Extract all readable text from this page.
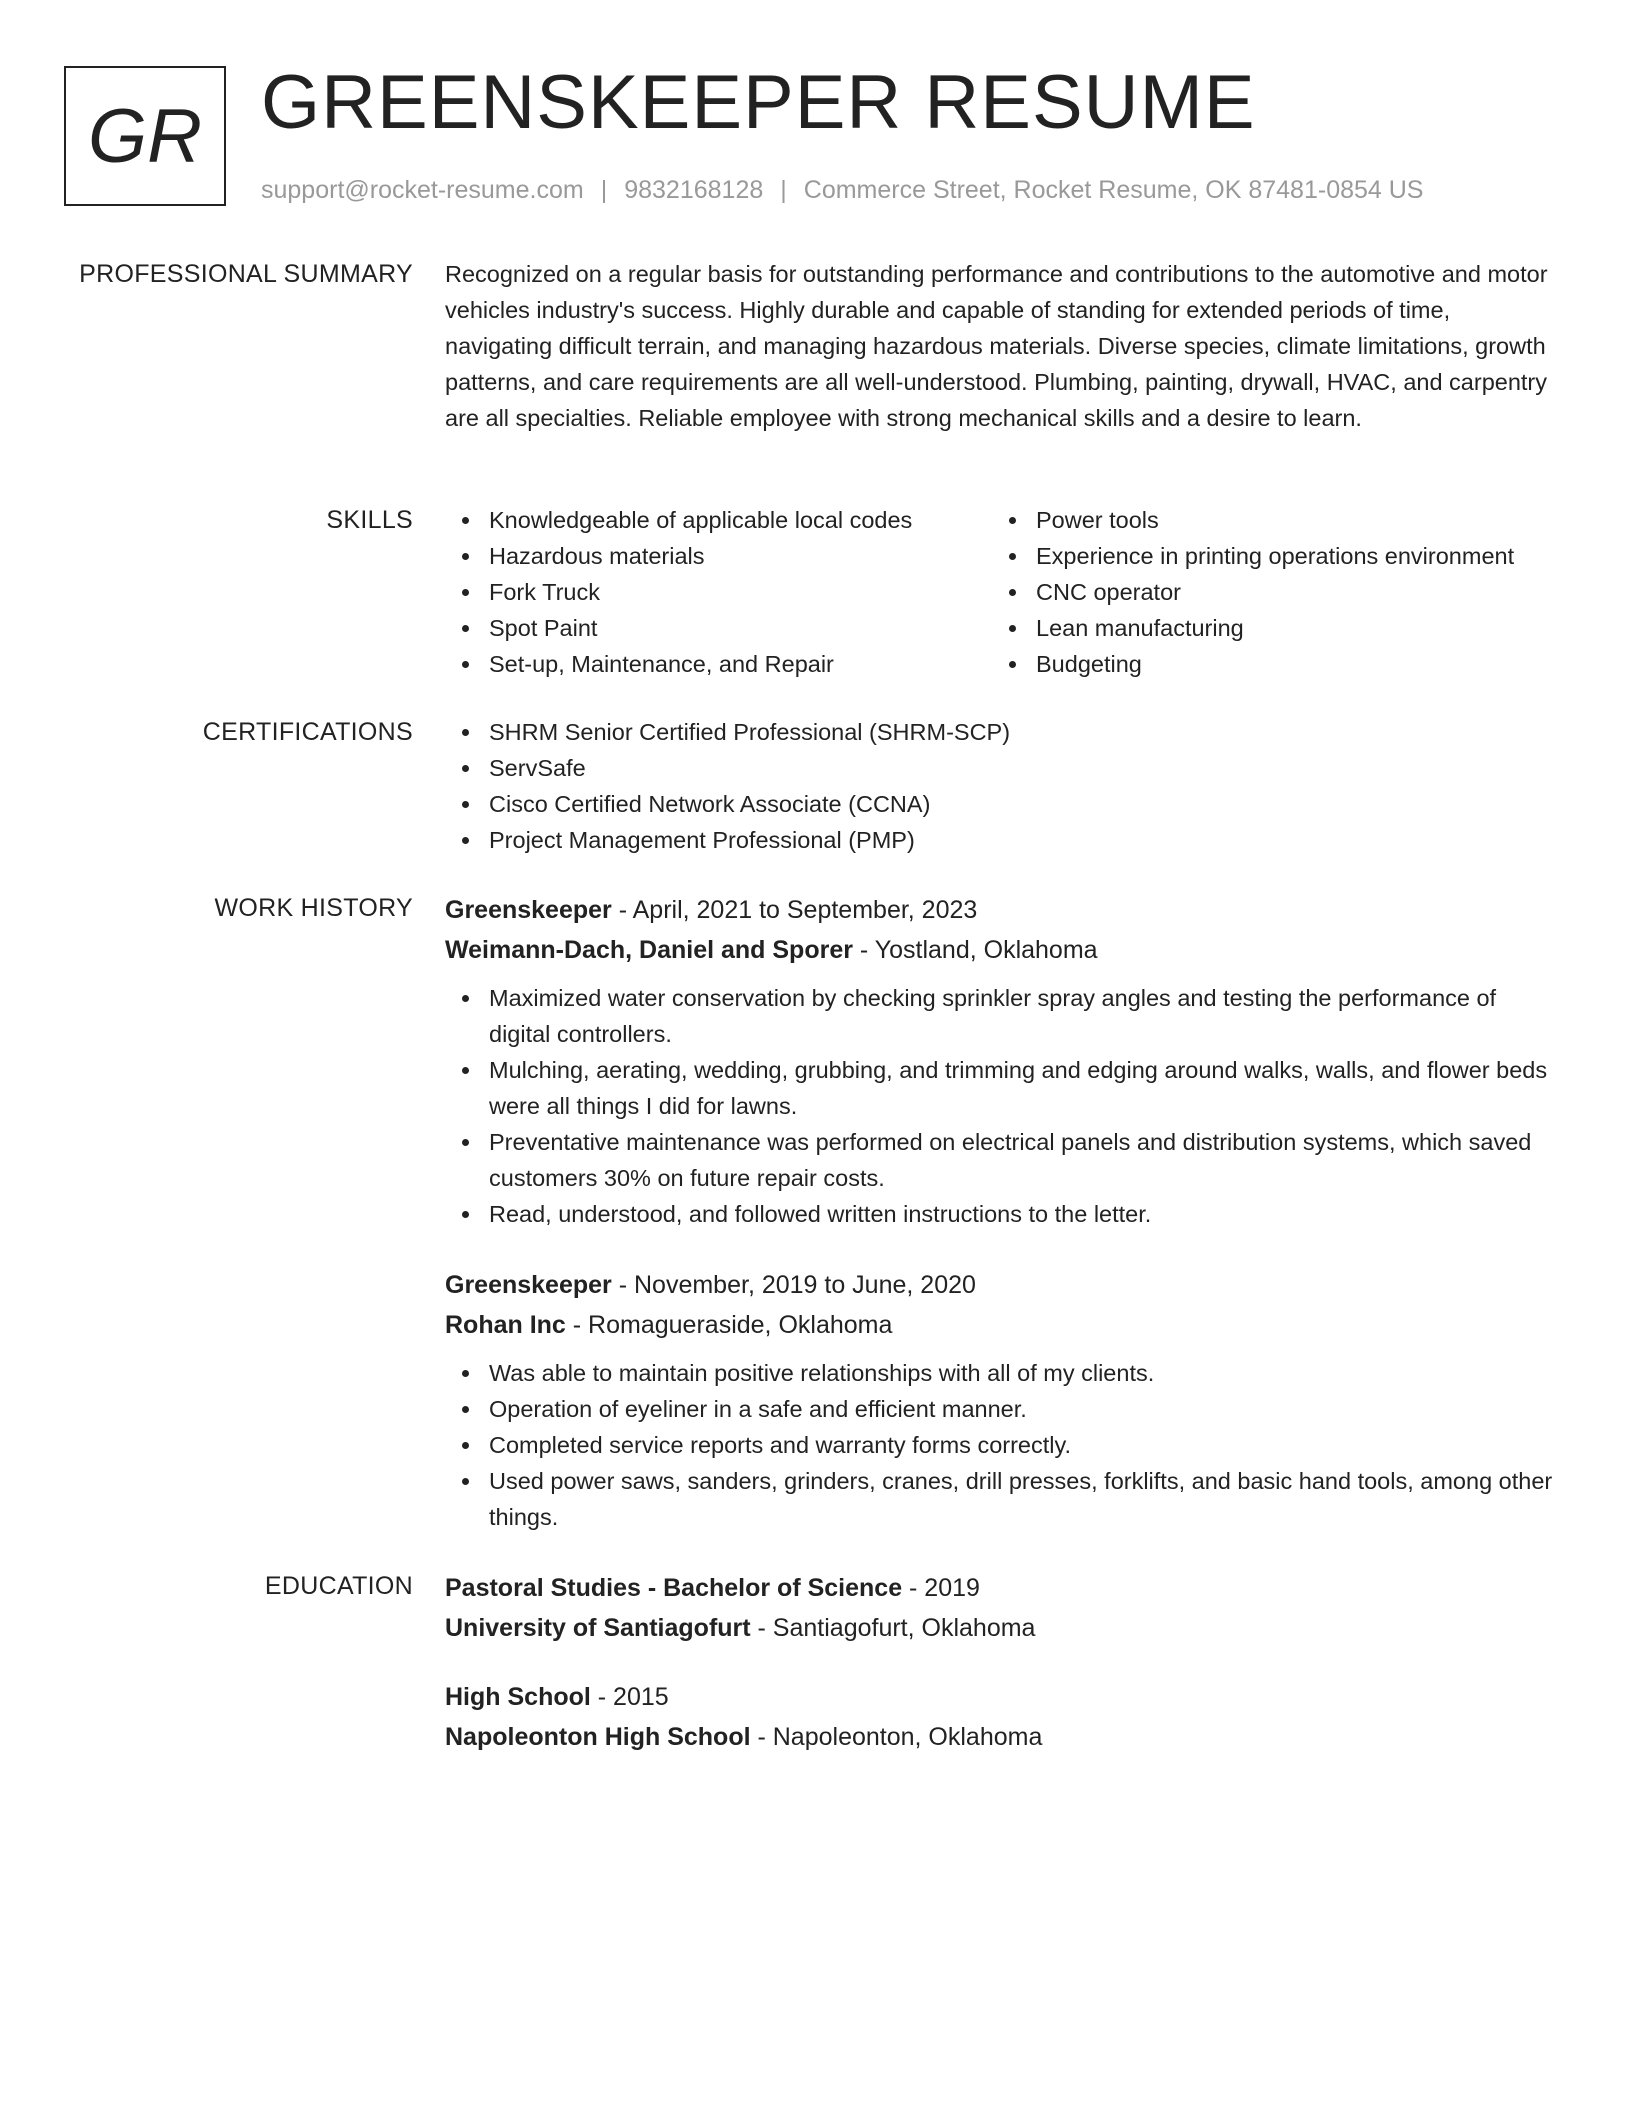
GR GREENSKEEPER RESUME
support@rocket-resume.com | 9832168128 | Commerce Street, Rocket Resume, OK 87481-0854 US
PROFESSIONAL SUMMARY Recognized on a regular basis for outstanding performance and contributions to the automotive and motor vehicles industry's success. Highly durable and capable of standing for extended periods of time, navigating difficult terrain, and managing hazardous materials. Diverse species, climate limitations, growth patterns, and care requirements are all well-understood. Plumbing, painting, drywall, HVAC, and carpentry are all specialties. Reliable employee with strong mechanical skills and a desire to learn.

SKILLS	Knowledgeable of applicable local codes
Hazardous materials
Fork Truck
Spot Paint
Set-up, Maintenance, and Repair
Power tools
Experience in printing operations environment
CNC operator
Lean manufacturing
Budgeting
CERTIFICATIONS	SHRM Senior Certified Professional (SHRM-SCP)
ServSafe
Cisco Certified Network Associate (CCNA)
Project Management Professional (PMP)
WORK HISTORY Greenskeeper - April, 2021 to September, 2023
Weimann-Dach, Daniel and Sporer - Yostland, Oklahoma
Maximized water conservation by checking sprinkler spray angles and testing the performance of digital controllers.
Mulching, aerating, wedding, grubbing, and trimming and edging around walks, walls, and flower beds were all things I did for lawns.
Preventative maintenance was performed on electrical panels and distribution systems, which saved customers 30% on future repair costs.
Read, understood, and followed written instructions to the letter.
Greenskeeper - November, 2019 to June, 2020
Rohan Inc - Romagueraside, Oklahoma
Was able to maintain positive relationships with all of my clients.
Operation of eyeliner in a safe and efficient manner.
Completed service reports and warranty forms correctly.
Used power saws, sanders, grinders, cranes, drill presses, forklifts, and basic hand tools, among other things.
EDUCATION Pastoral Studies - Bachelor of Science - 2019
University of Santiagofurt - Santiagofurt, Oklahoma
High School - 2015
Napoleonton High School - Napoleonton, Oklahoma
